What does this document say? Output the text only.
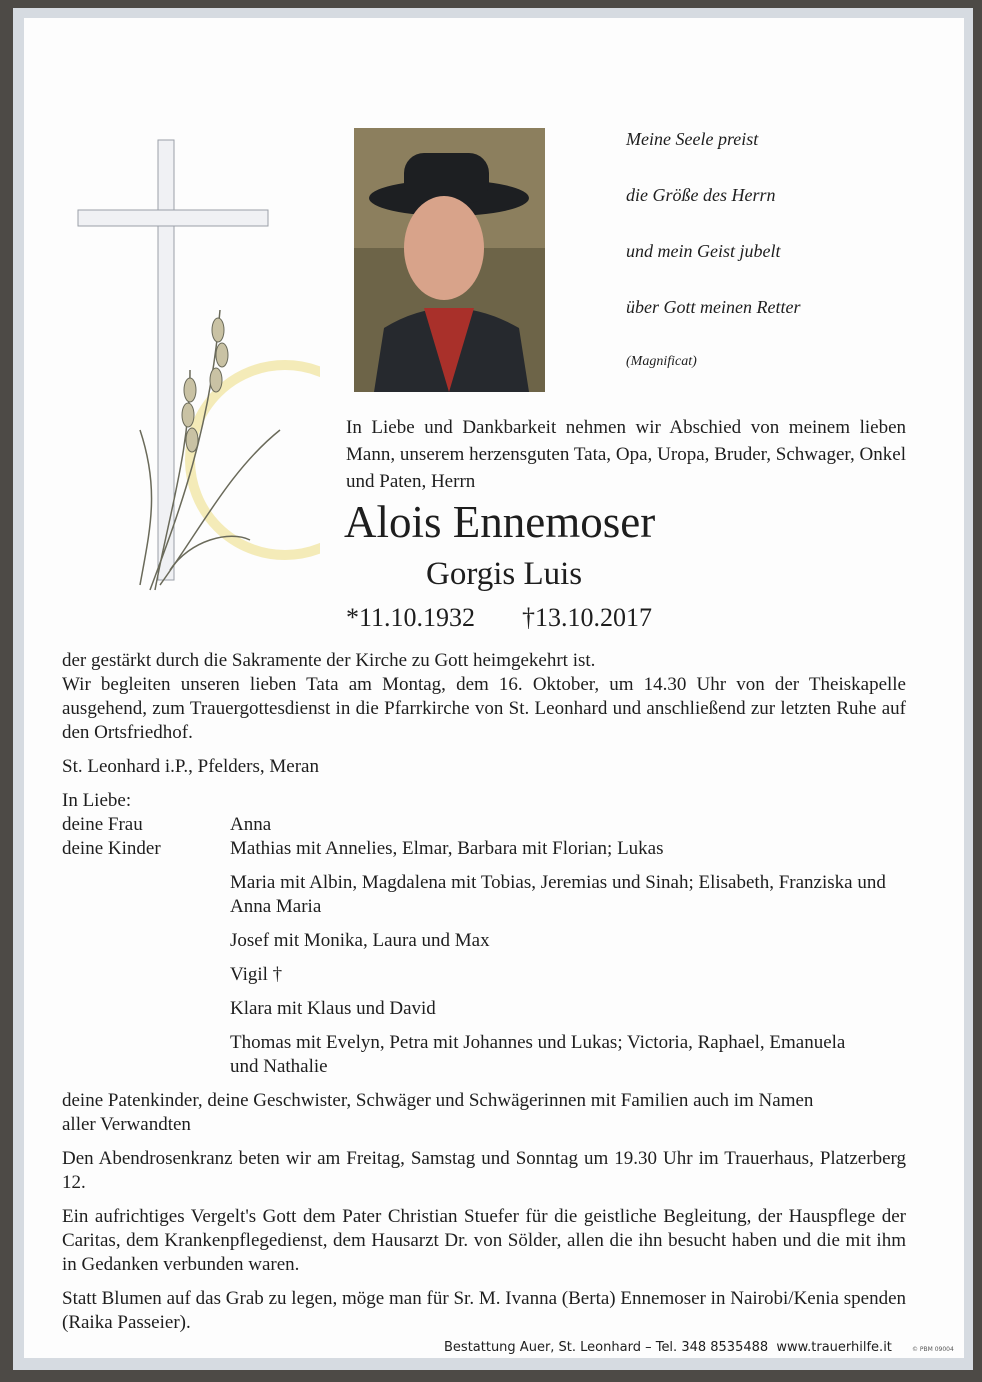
Meine Seele preist
die Größe des Herrn
und mein Geist jubelt
über Gott meinen Retter
(Magnificat)
In Liebe und Dankbarkeit nehmen wir Abschied von meinem lieben Mann, unserem herzensguten Tata, Opa, Uropa, Bruder, Schwager, Onkel und Paten, Herrn
Alois Ennemoser
Gorgis Luis
*11.10.1932 †13.10.2017
der gestärkt durch die Sakramente der Kirche zu Gott heimgekehrt ist.
Wir begleiten unseren lieben Tata am Montag, dem 16. Oktober, um 14.30 Uhr von der Theiskapelle ausgehend, zum Trauergottesdienst in die Pfarrkirche von St. Leonhard und anschließend zur letzten Ruhe auf den Ortsfriedhof.
St. Leonhard i.P., Pfelders, Meran
In Liebe:
deine Frau	Anna
deine Kinder	Mathias mit Annelies, Elmar, Barbara mit Florian; Lukas
Maria mit Albin, Magdalena mit Tobias, Jeremias und Sinah; Elisabeth, Franziska und Anna Maria
Josef mit Monika, Laura und Max
Vigil †
Klara mit Klaus und David
Thomas mit Evelyn, Petra mit Johannes und Lukas; Victoria, Raphael, Emanuela und Nathalie
deine Patenkinder, deine Geschwister, Schwäger und Schwägerinnen mit Familien auch im Namen aller Verwandten
Den Abendrosenkranz beten wir am Freitag, Samstag und Sonntag um 19.30 Uhr im Trauerhaus, Platzerberg 12.
Ein aufrichtiges Vergelt's Gott dem Pater Christian Stuefer für die geistliche Begleitung, der Hauspflege der Caritas, dem Krankenpflegedienst, dem Hausarzt Dr. von Sölder, allen die ihn besucht haben und die mit ihm in Gedanken verbunden waren.
Statt Blumen auf das Grab zu legen, möge man für Sr. M. Ivanna (Berta) Ennemoser in Nairobi/Kenia spenden (Raika Passeier).
Bestattung Auer, St. Leonhard – Tel. 348 8535488  www.trauerhilfe.it	© PBM 09004
